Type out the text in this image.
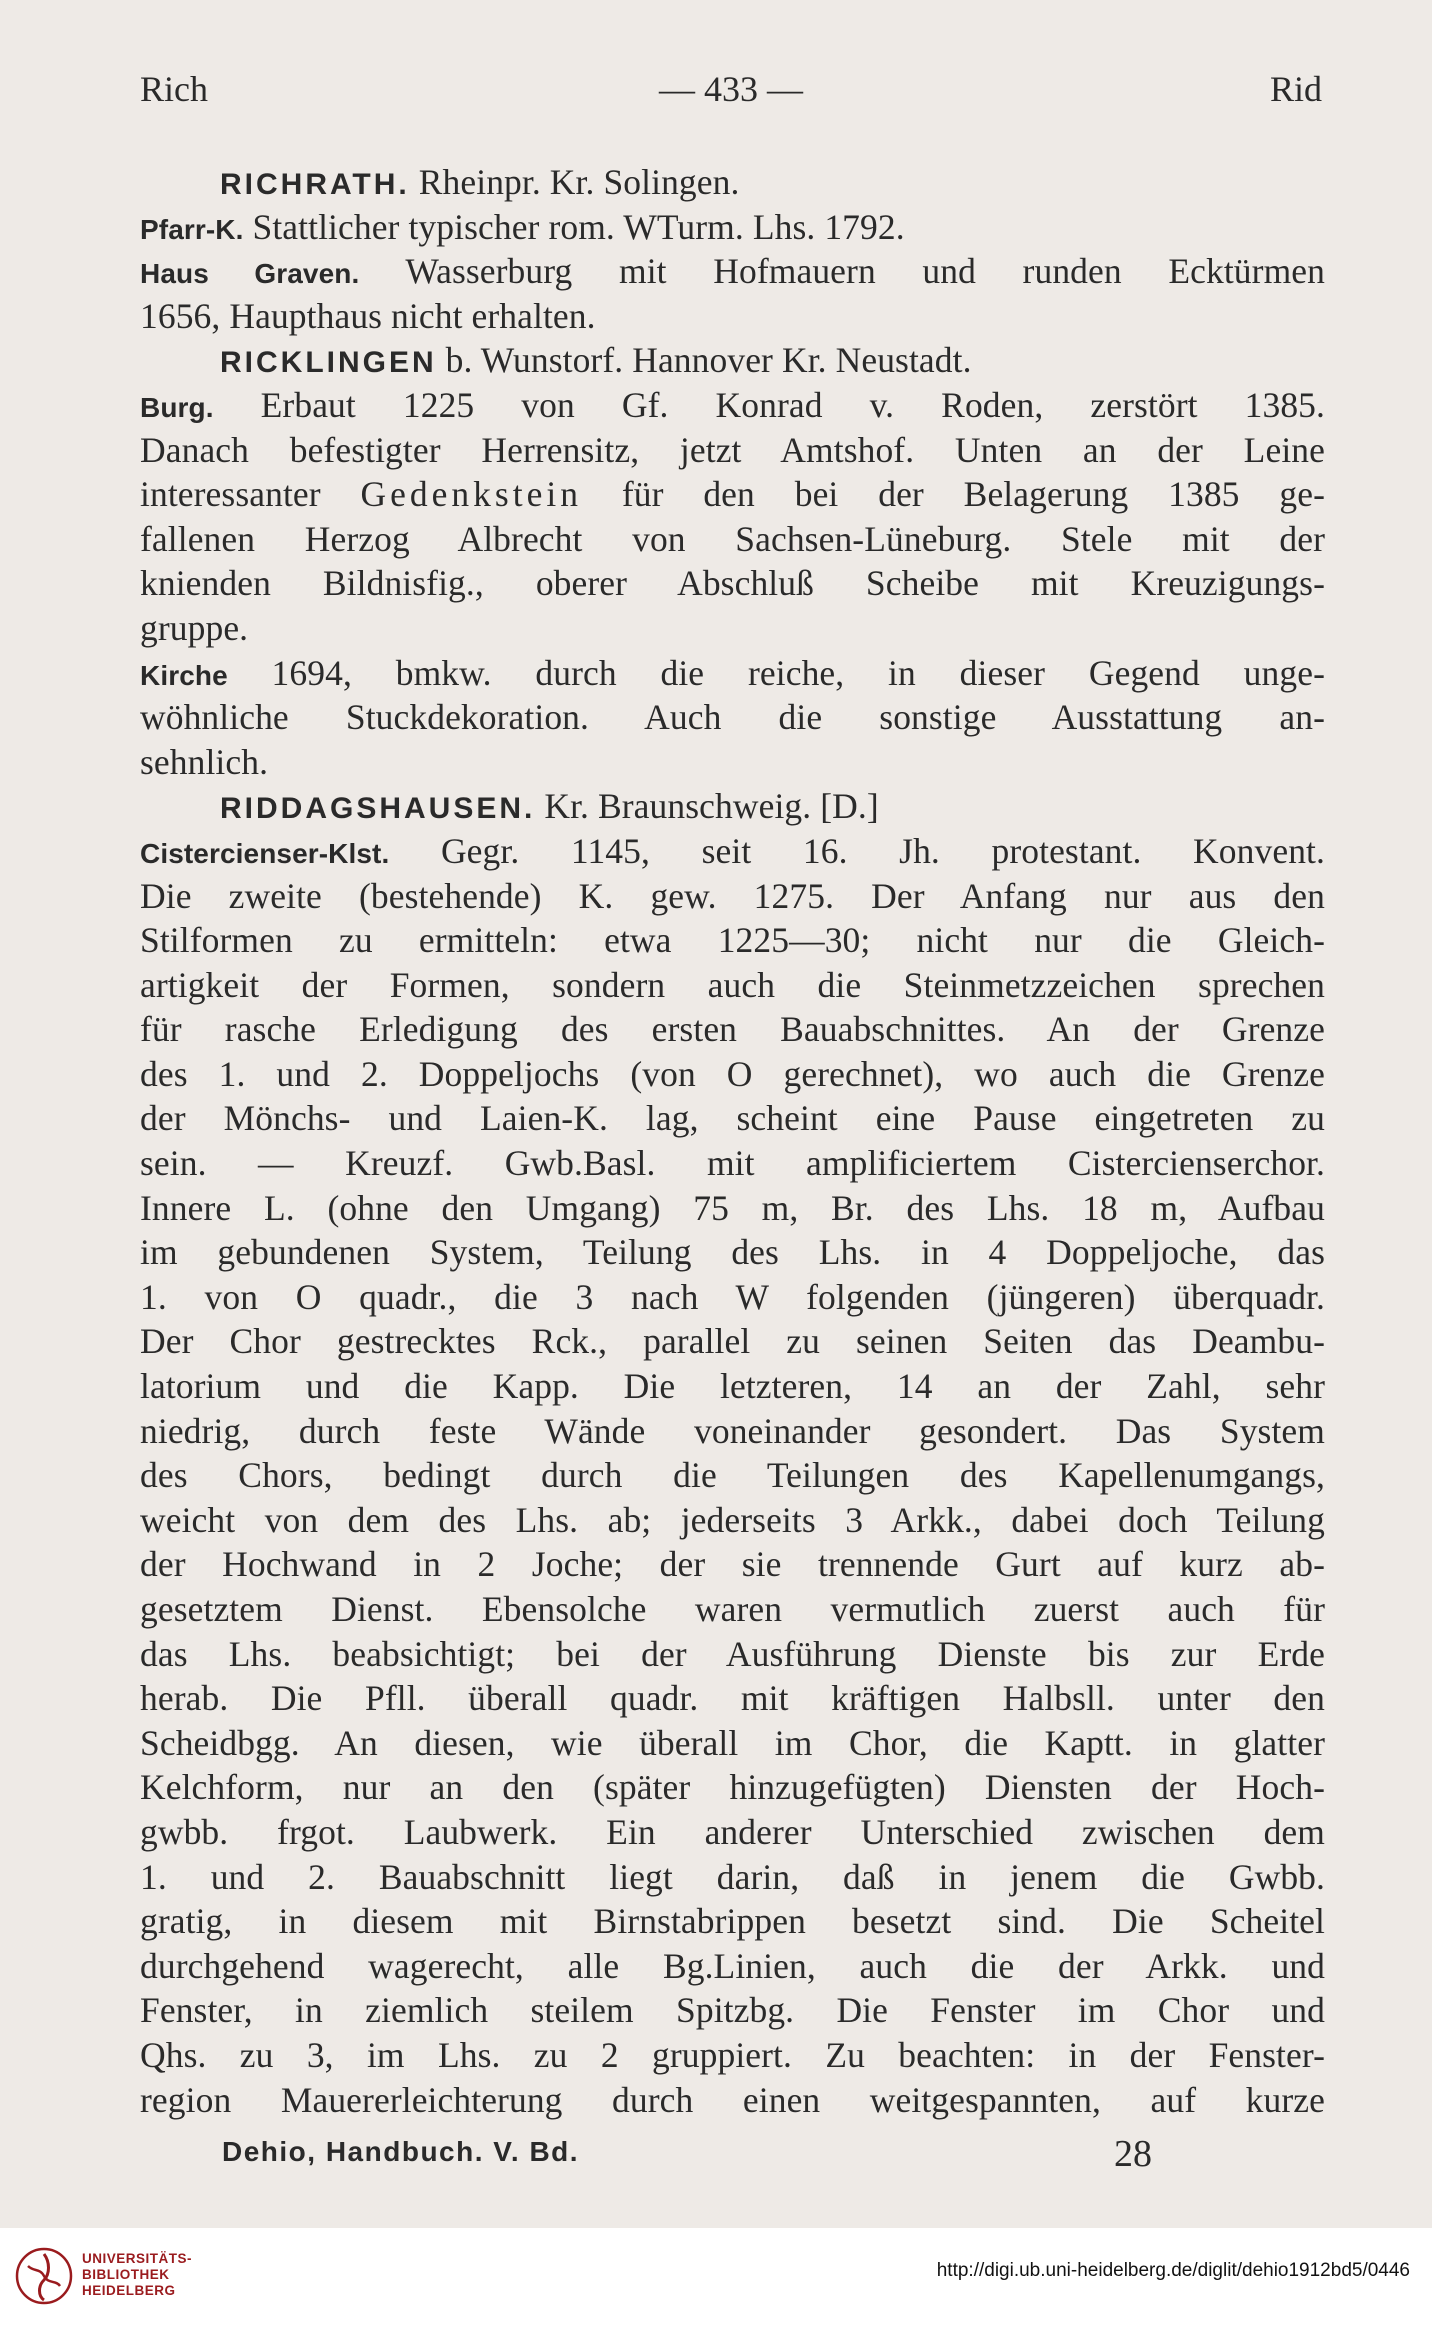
Rich	— 433 —	Rid
RICHRATH. Rheinpr. Kr. Solingen.
Pfarr-K. Stattlicher typischer rom. WTurm. Lhs. 1792.
Haus Graven. Wasserburg mit Hofmauern und runden Ecktürmen
1656, Haupthaus nicht erhalten.
RICKLINGEN b. Wunstorf. Hannover Kr. Neustadt.
Burg. Erbaut 1225 von Gf. Konrad v. Roden, zerstört 1385.
Danach befestigter Herrensitz, jetzt Amtshof. Unten an der Leine
interessanter Gedenkstein für den bei der Belagerung 1385 ge-
fallenen Herzog Albrecht von Sachsen-Lüneburg. Stele mit der
knienden Bildnisfig., oberer Abschluß Scheibe mit Kreuzigungs-
gruppe.
Kirche 1694, bmkw. durch die reiche, in dieser Gegend unge-
wöhnliche Stuckdekoration. Auch die sonstige Ausstattung an-
sehnlich.
RIDDAGSHAUSEN. Kr. Braunschweig. [D.]
Cistercienser-Klst. Gegr. 1145, seit 16. Jh. protestant. Konvent.
Die zweite (bestehende) K. gew. 1275. Der Anfang nur aus den
Stilformen zu ermitteln: etwa 1225—30; nicht nur die Gleich-
artigkeit der Formen, sondern auch die Steinmetzzeichen sprechen
für rasche Erledigung des ersten Bauabschnittes. An der Grenze
des 1. und 2. Doppeljochs (von O gerechnet), wo auch die Grenze
der Mönchs- und Laien-K. lag, scheint eine Pause eingetreten zu
sein. — Kreuzf. Gwb.Basl. mit amplificiertem Cistercienserchor.
Innere L. (ohne den Umgang) 75 m, Br. des Lhs. 18 m, Aufbau
im gebundenen System, Teilung des Lhs. in 4 Doppeljoche, das
1. von O quadr., die 3 nach W folgenden (jüngeren) überquadr.
Der Chor gestrecktes Rck., parallel zu seinen Seiten das Deambu-
latorium und die Kapp. Die letzteren, 14 an der Zahl, sehr
niedrig, durch feste Wände voneinander gesondert. Das System
des Chors, bedingt durch die Teilungen des Kapellenumgangs,
weicht von dem des Lhs. ab; jederseits 3 Arkk., dabei doch Teilung
der Hochwand in 2 Joche; der sie trennende Gurt auf kurz ab-
gesetztem Dienst. Ebensolche waren vermutlich zuerst auch für
das Lhs. beabsichtigt; bei der Ausführung Dienste bis zur Erde
herab. Die Pfll. überall quadr. mit kräftigen Halbsll. unter den
Scheidbgg. An diesen, wie überall im Chor, die Kaptt. in glatter
Kelchform, nur an den (später hinzugefügten) Diensten der Hoch-
gwbb. frgot. Laubwerk. Ein anderer Unterschied zwischen dem
1. und 2. Bauabschnitt liegt darin, daß in jenem die Gwbb.
gratig, in diesem mit Birnstabrippen besetzt sind. Die Scheitel
durchgehend wagerecht, alle Bg.Linien, auch die der Arkk. und
Fenster, in ziemlich steilem Spitzbg. Die Fenster im Chor und
Qhs. zu 3, im Lhs. zu 2 gruppiert. Zu beachten: in der Fenster-
region Mauererleichterung durch einen weitgespannten, auf kurze
Dehio, Handbuch. V. Bd.	28
UNIVERSITÄTS-
BIBLIOTHEK
HEIDELBERG
http://digi.ub.uni-heidelberg.de/diglit/dehio1912bd5/0446
